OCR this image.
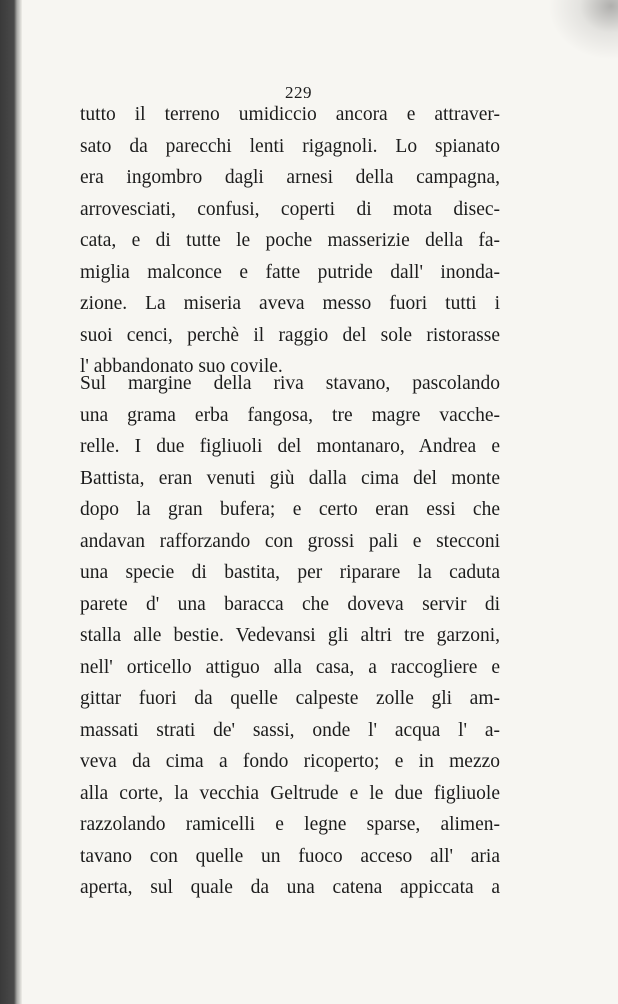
229
tutto il terreno umidiccio ancora e attraver-
sato da parecchi lenti rigagnoli. Lo spianato
era ingombro dagli arnesi della campagna,
arrovesciati, confusi, coperti di mota disec-
cata, e di tutte le poche masserizie della fa-
miglia malconce e fatte putride dall' inonda-
zione. La miseria aveva messo fuori tutti i
suoi cenci, perchè il raggio del sole ristorasse
l' abbandonato suo covile.
Sul margine della riva stavano, pascolando
una grama erba fangosa, tre magre vacche-
relle. I due figliuoli del montanaro, Andrea e
Battista, eran venuti giù dalla cima del monte
dopo la gran bufera; e certo eran essi che
andavan rafforzando con grossi pali e stecconi
una specie di bastita, per riparare la caduta
parete d' una baracca che doveva servir di
stalla alle bestie. Vedevansi gli altri tre garzoni,
nell' orticello attiguo alla casa, a raccogliere e
gittar fuori da quelle calpeste zolle gli am-
massati strati de' sassi, onde l' acqua l' a-
veva da cima a fondo ricoperto; e in mezzo
alla corte, la vecchia Geltrude e le due figliuole
razzolando ramicelli e legne sparse, alimen-
tavano con quelle un fuoco acceso all' aria
aperta, sul quale da una catena appiccata a
